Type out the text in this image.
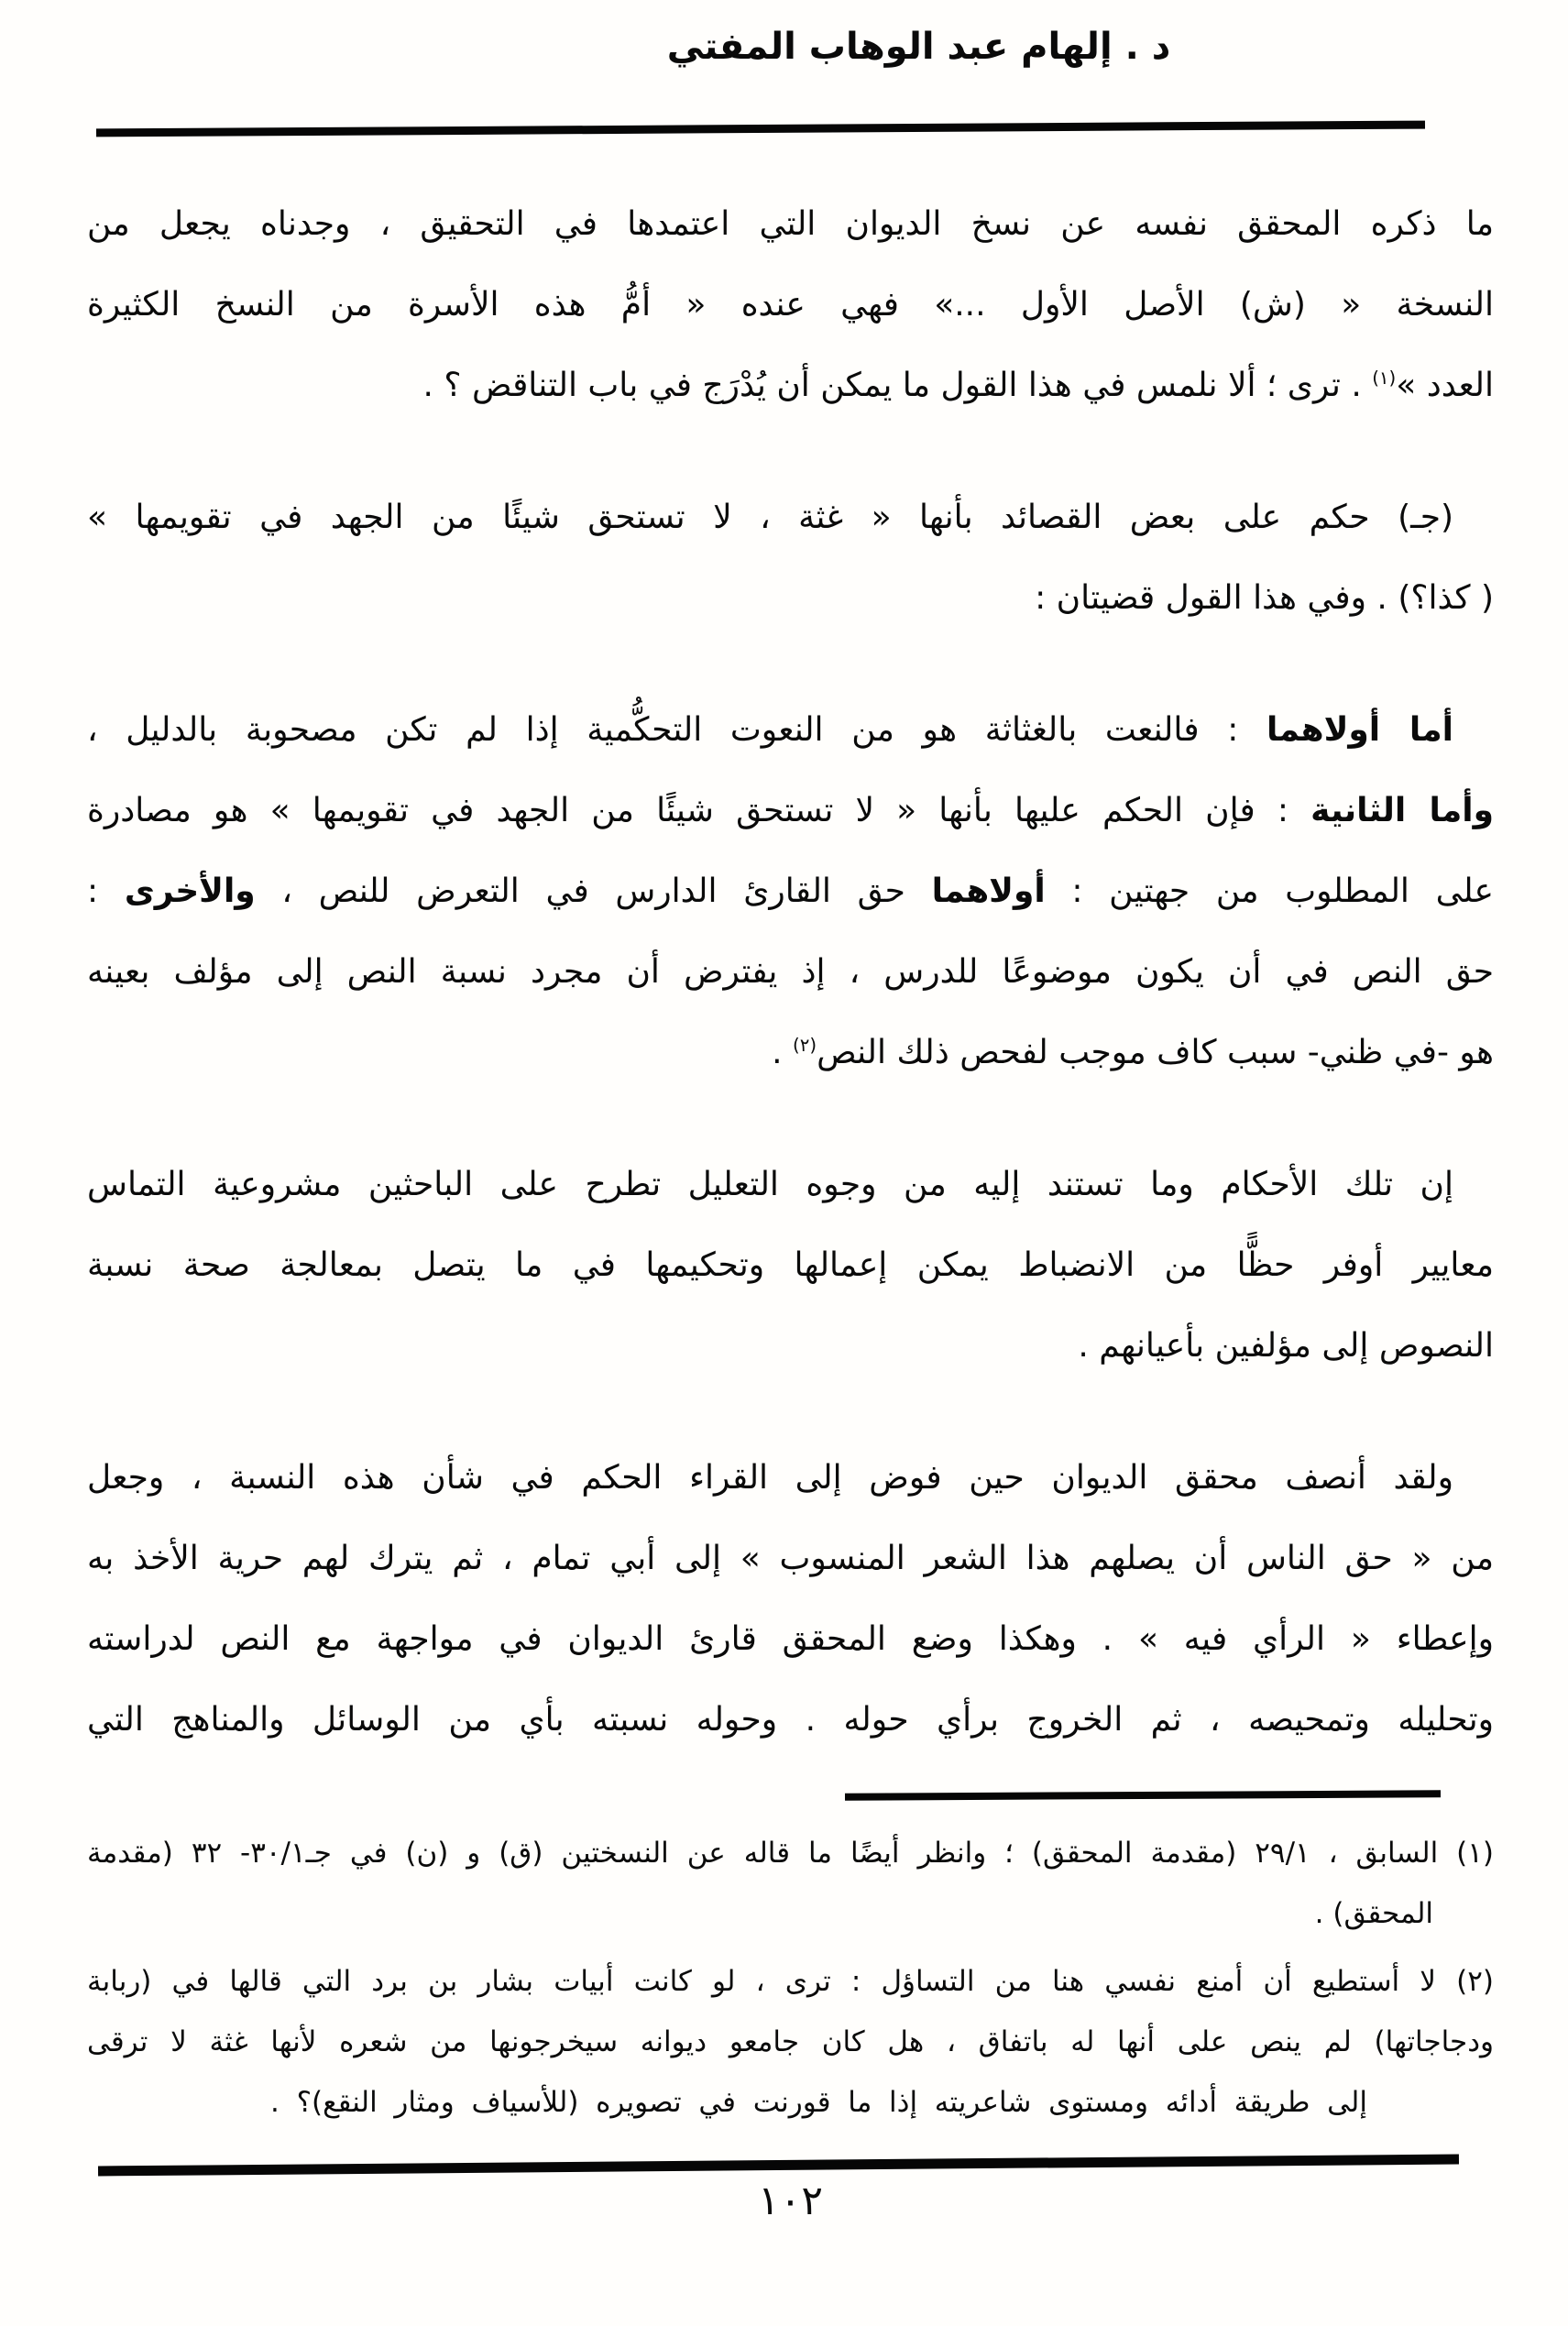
د . إلهام عبد الوهاب المفتي
ما ذكره المحقق نفسه عن نسخ الديوان التي اعتمدها في التحقيق ، وجدناه يجعل من
النسخة « (ش) الأصل الأول ...» فهي عنده « أمُّ هذه الأسرة من النسخ الكثيرة
العدد »$^{(١)}$ . ترى ؛ ألا نلمس في هذا القول ما يمكن أن يُدْرَج في باب التناقض ؟ .
(جـ) حكم على بعض القصائد بأنها « غثة ، لا تستحق شيئًا من الجهد في تقويمها »
( كذا؟) . وفي هذا القول قضيتان :
أما أولاهما : فالنعت بالغثاثة هو من النعوت التحكُّمية إذا لم تكن مصحوبة بالدليل ،
وأما الثانية : فإن الحكم عليها بأنها « لا تستحق شيئًا من الجهد في تقويمها » هو مصادرة
على المطلوب من جهتين : أولاهما حق القارئ الدارس في التعرض للنص ، والأخرى :
حق النص في أن يكون موضوعًا للدرس ، إذ يفترض أن مجرد نسبة النص إلى مؤلف بعينه
هو -في ظني- سبب كاف موجب لفحص ذلك النص$^{(٢)}$ .
إن تلك الأحكام وما تستند إليه من وجوه التعليل تطرح على الباحثين مشروعية التماس
معايير أوفر حظًّا من الانضباط يمكن إعمالها وتحكيمها في ما يتصل بمعالجة صحة نسبة
النصوص إلى مؤلفين بأعيانهم .
ولقد أنصف محقق الديوان حين فوض إلى القراء الحكم في شأن هذه النسبة ، وجعل
من « حق الناس أن يصلهم هذا الشعر المنسوب » إلى أبي تمام ، ثم يترك لهم حرية الأخذ به
وإعطاء « الرأي فيه » . وهكذا وضع المحقق قارئ الديوان في مواجهة مع النص لدراسته
وتحليله وتمحيصه ، ثم الخروج برأي حوله . وحوله نسبته بأي من الوسائل والمناهج التي
(١) السابق ، ٢٩/١ (مقدمة المحقق) ؛ وانظر أيضًا ما قاله عن النسختين (ق) و (ن) في جـ٣٠/١- ٣٢ (مقدمة
المحقق) .
(٢) لا أستطيع أن أمنع نفسي هنا من التساؤل : ترى ، لو كانت أبيات بشار بن برد التي قالها في (ربابة
ودجاجاتها) لم ينص على أنها له باتفاق ، هل كان جامعو ديوانه سيخرجونها من شعره لأنها غثة لا ترقى
إلى طريقة أدائه ومستوى شاعريته إذا ما قورنت في تصويره (للأسياف ومثار النقع)؟ .
١٠٢
